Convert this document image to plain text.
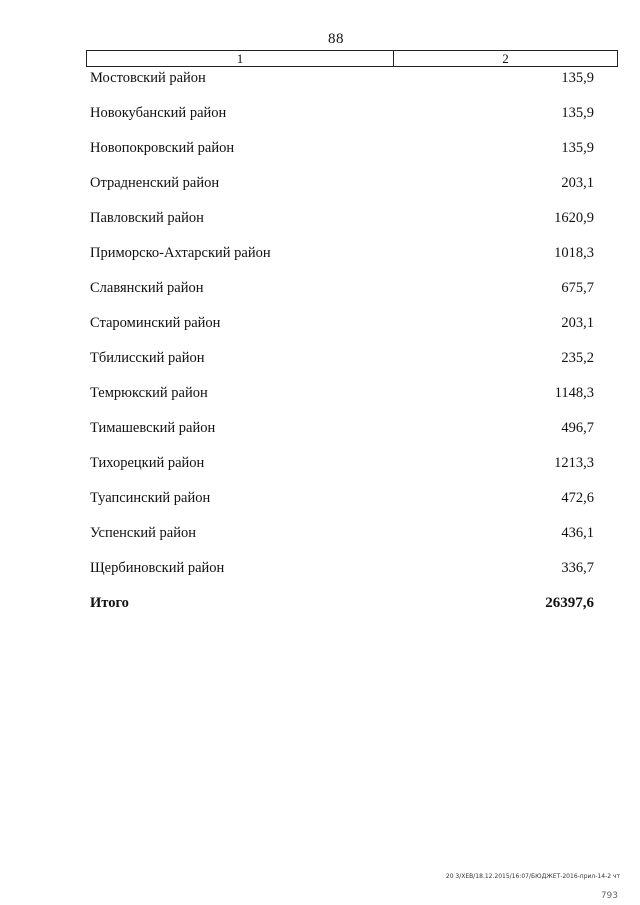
88
1	2
Мостовский район	135,9
Новокубанский район	135,9
Новопокровский район	135,9
Отрадненский район	203,1
Павловский район	1620,9
Приморско-Ахтарский район	1018,3
Славянский район	675,7
Староминский район	203,1
Тбилисский район	235,2
Темрюкский район	1148,3
Тимашевский район	496,7
Тихорецкий район	1213,3
Туапсинский район	472,6
Успенский район	436,1
Щербиновский район	336,7
Итого	26397,6
20 3/ХЕВ/18.12.2015/16:07/БЮДЖЕТ-2016-прил-14-2 чт
793
